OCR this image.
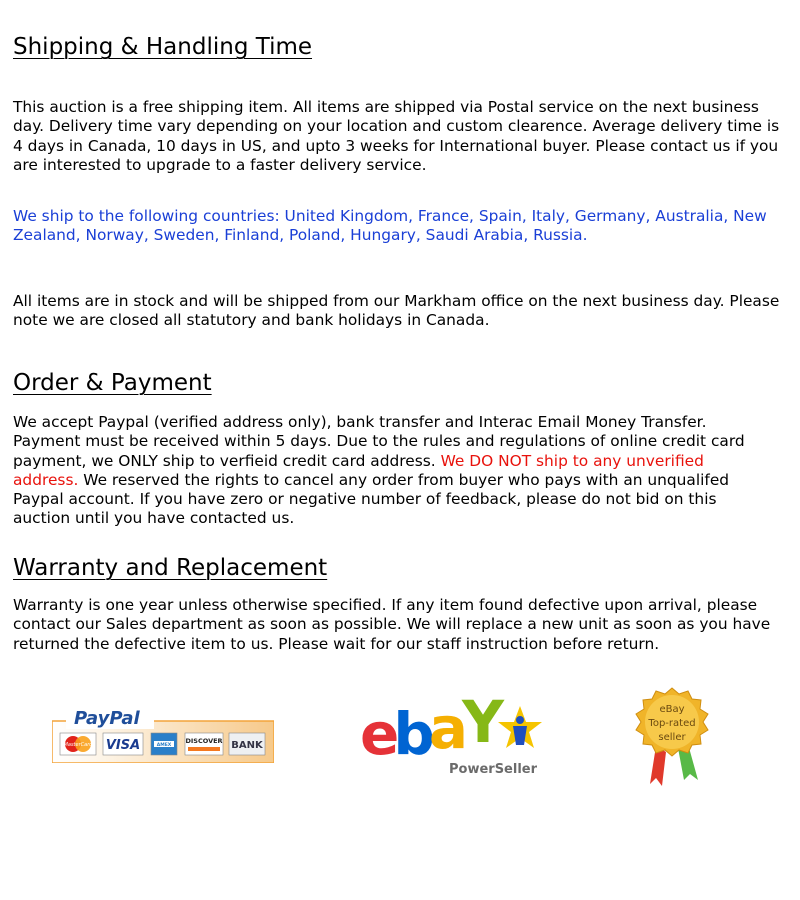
Shipping & Handling Time

This auction is a free shipping item. All items are shipped via Postal service on the next business day. Delivery time vary depending on your location and custom clearence. Average delivery time is 4 days in Canada, 10 days in US, and upto 3 weeks for International buyer. Please contact us if you are interested to upgrade to a faster delivery service.

We ship to the following countries: United Kingdom, France, Spain, Italy, Germany, Australia, New Zealand, Norway, Sweden, Finland, Poland, Hungary, Saudi Arabia, Russia.

All items are in stock and will be shipped from our Markham office on the next business day. Please note we are closed all statutory and bank holidays in Canada.

Order & Payment

We accept Paypal (verified address only), bank transfer and Interac Email Money Transfer. Payment must be received within 5 days. Due to the rules and regulations of online credit card payment, we ONLY ship to verfieid credit card address. We DO NOT ship to any unverified address. We reserved the rights to cancel any order from buyer who pays with an unqualifed Paypal account. If you have zero or negative number of feedback, please do not bid on this auction until you have contacted us.

Warranty and Replacement

Warranty is one year unless otherwise specified. If any item found defective upon arrival, please contact our Sales department as soon as possible. We will replace a new unit as soon as you have returned the defective item to us. Please wait for our staff instruction before return.

PayPal
MasterCard VISA	AMEX
DISCOVER BANK ebaY
PowerSeller
eBay
Top-rated
seller
